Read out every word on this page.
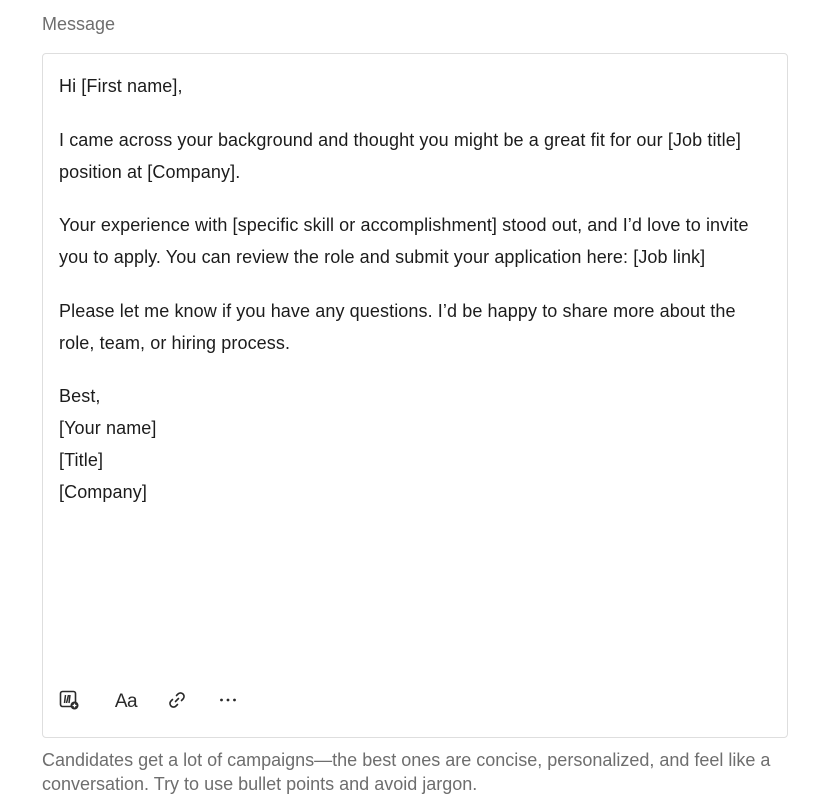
Message

Hi [First name],

I came across your background and thought you might be a great fit for our [Job title] position at [Company].

Your experience with [specific skill or accomplishment] stood out, and I’d love to invite you to apply. You can review the role and submit your application here: [Job link]

Please let me know if you have any questions. I’d be happy to share more about the role, team, or hiring process.

Best,

[Your name]

[Title]

[Company]

Aa
Candidates get a lot of campaigns—the best ones are concise, personalized, and feel like a conversation. Try to use bullet points and avoid jargon.
